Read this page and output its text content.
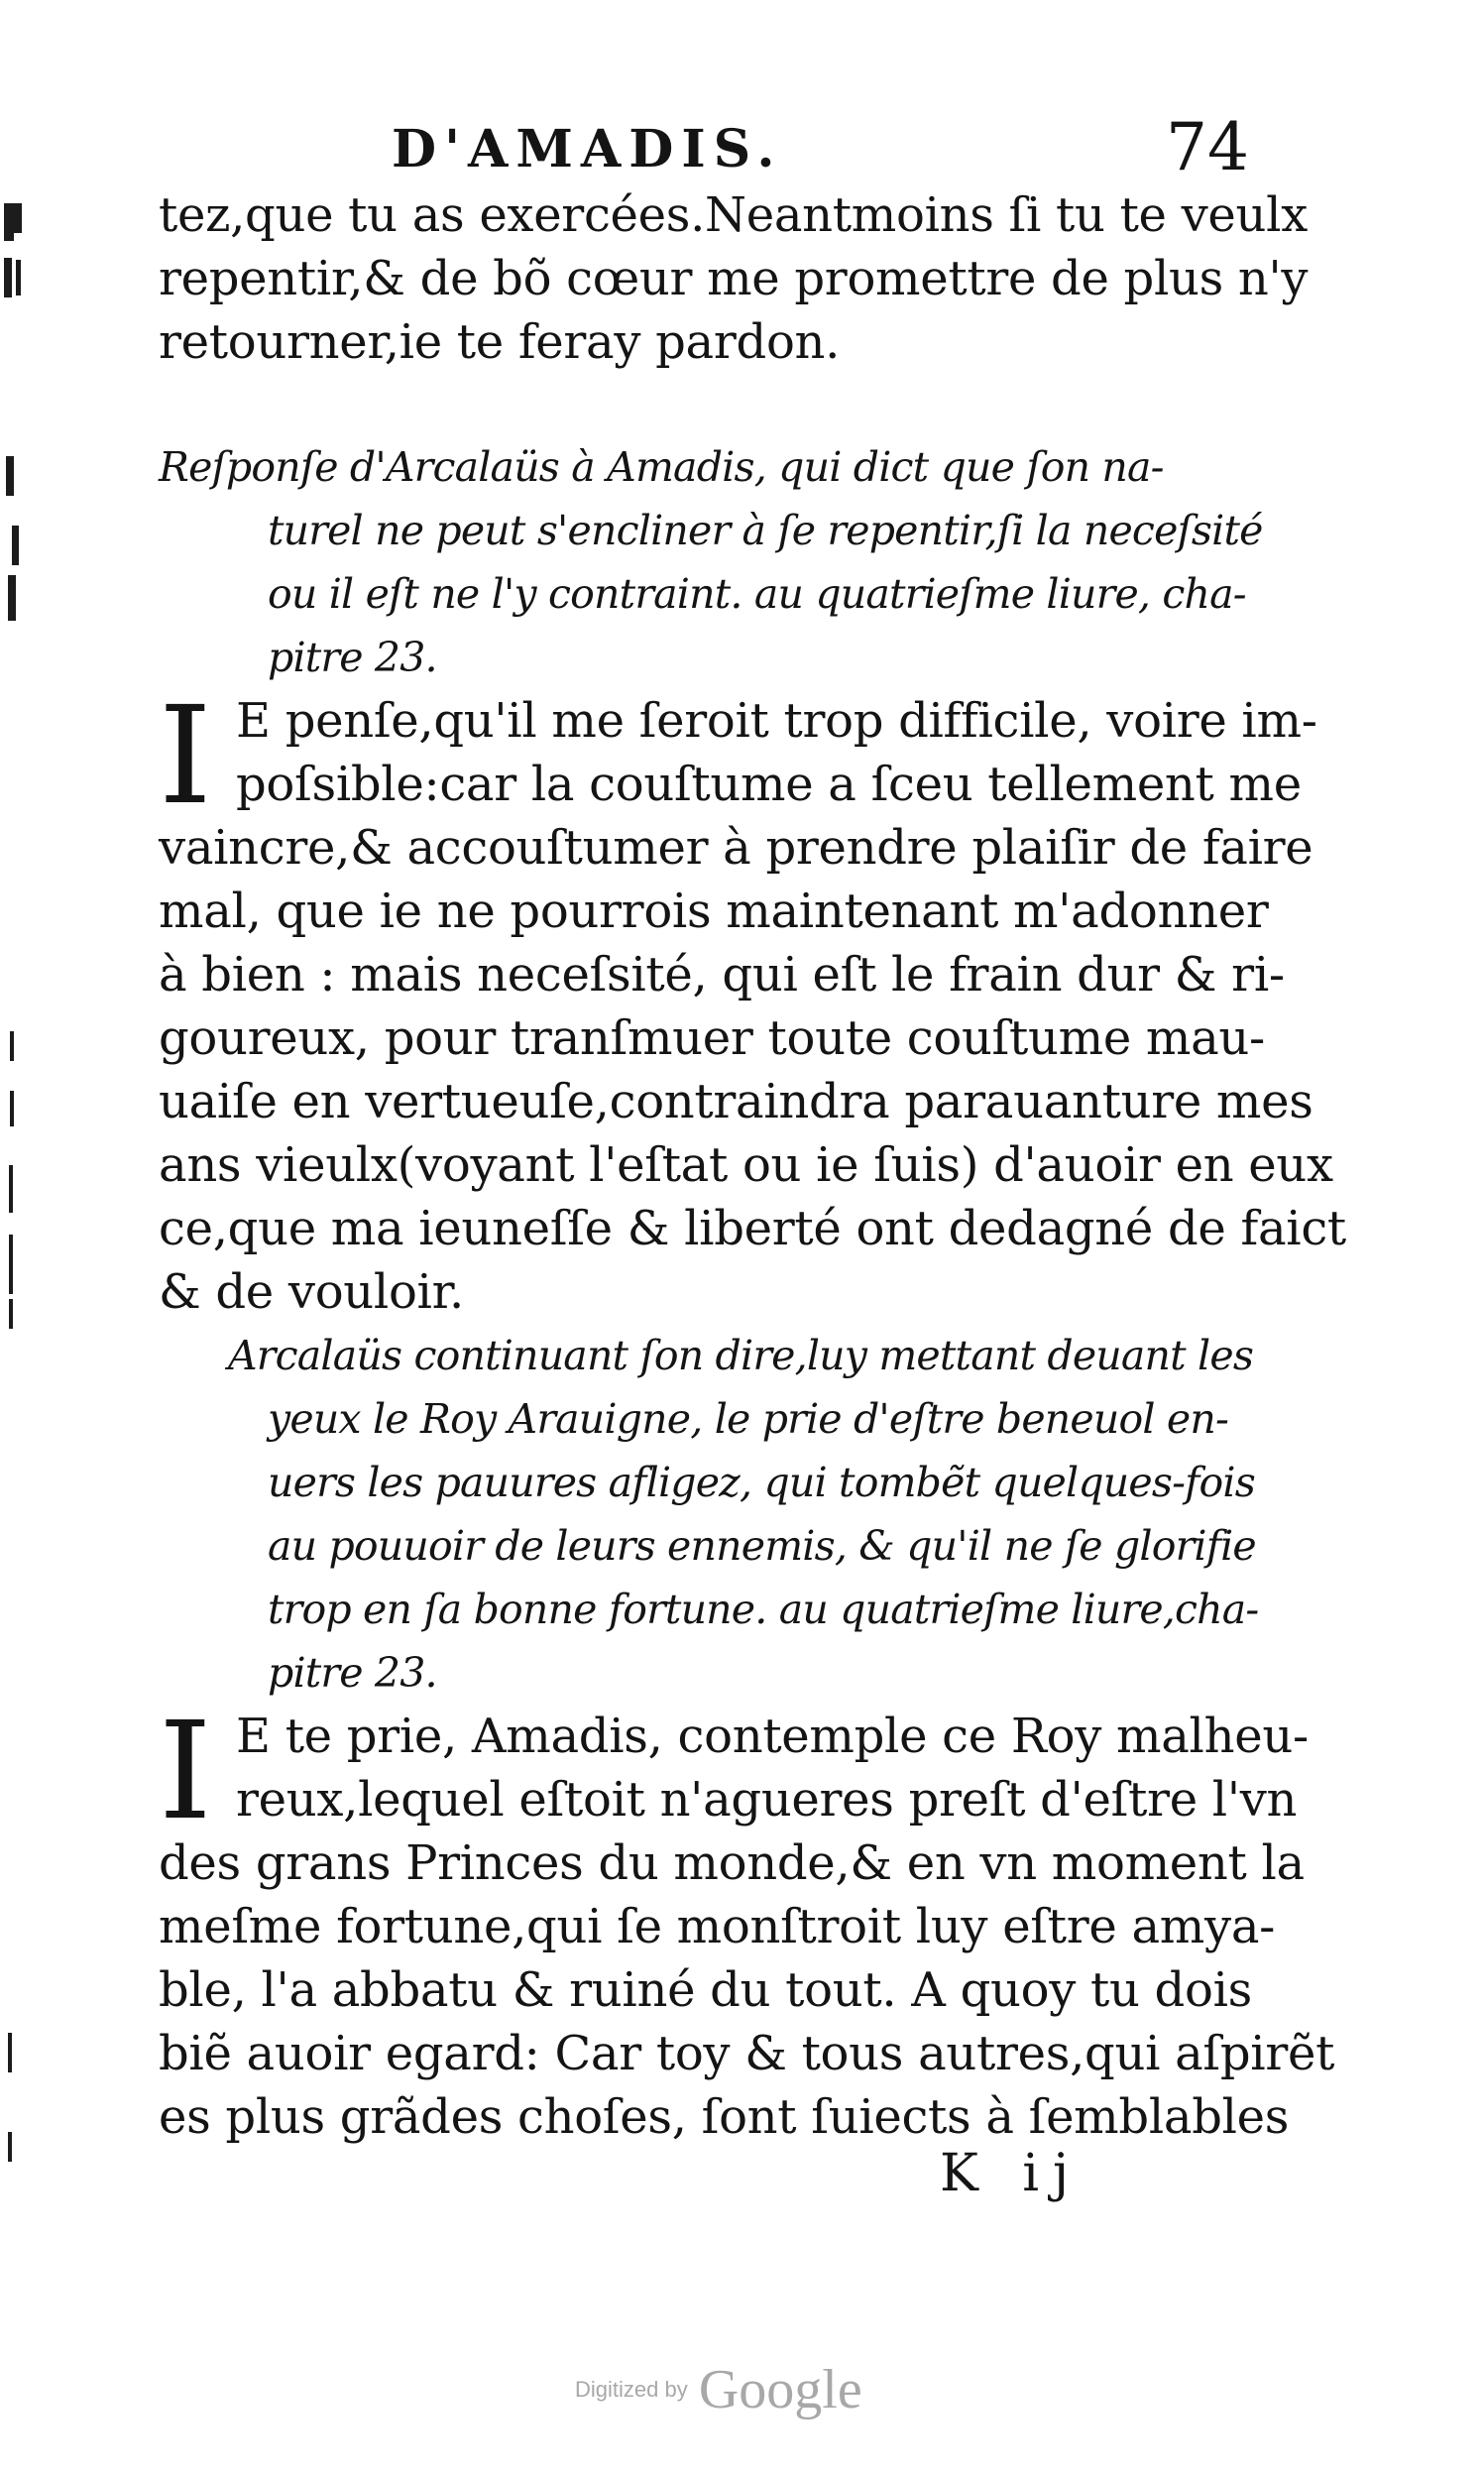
D'AMADIS.	74
tez,que tu as exercées.Neantmoins ſi tu te veulx
repentir,& de bõ cœur me promettre de plus n'y
retourner,ie te feray pardon.
Reſponſe d'Arcalaüs à Amadis, qui dict que ſon na-
turel ne peut s'encliner à ſe repentir,ſi la neceſsité
ou il eſt ne l'y contraint. au quatrieſme liure, cha-
pitre 23.
I E penſe,qu'il me ſeroit trop difficile, voire im-
poſsible:car la couſtume a ſceu tellement me
vaincre,& accouſtumer à prendre plaiſir de faire
mal, que ie ne pourrois maintenant m'adonner
à bien : mais neceſsité, qui eſt le frain dur & ri-
goureux, pour tranſmuer toute couſtume mau-
uaiſe en vertueuſe,contraindra parauanture mes
ans vieulx(voyant l'eſtat ou ie ſuis) d'auoir en eux
ce,que ma ieuneſſe & liberté ont dedagné de faict
& de vouloir.
Arcalaüs continuant ſon dire,luy mettant deuant les
yeux le Roy Arauigne, le prie d'eſtre beneuol en-
uers les pauures afligez, qui tombẽt quelques-fois
au pouuoir de leurs ennemis, & qu'il ne ſe glorifie
trop en ſa bonne fortune. au quatrieſme liure,cha-
pitre 23.
I E te prie, Amadis, contemple ce Roy malheu-
reux,lequel eſtoit n'agueres preſt d'eſtre l'vn
des grans Princes du monde,& en vn moment la
meſme fortune,qui ſe monſtroit luy eſtre amya-
ble, l'a abbatu & ruiné du tout. A quoy tu dois
biẽ auoir egard: Car toy & tous autres,qui aſpirẽt
es plus grãdes choſes, ſont ſuiects à ſemblables
K ij
Digitized by Google
